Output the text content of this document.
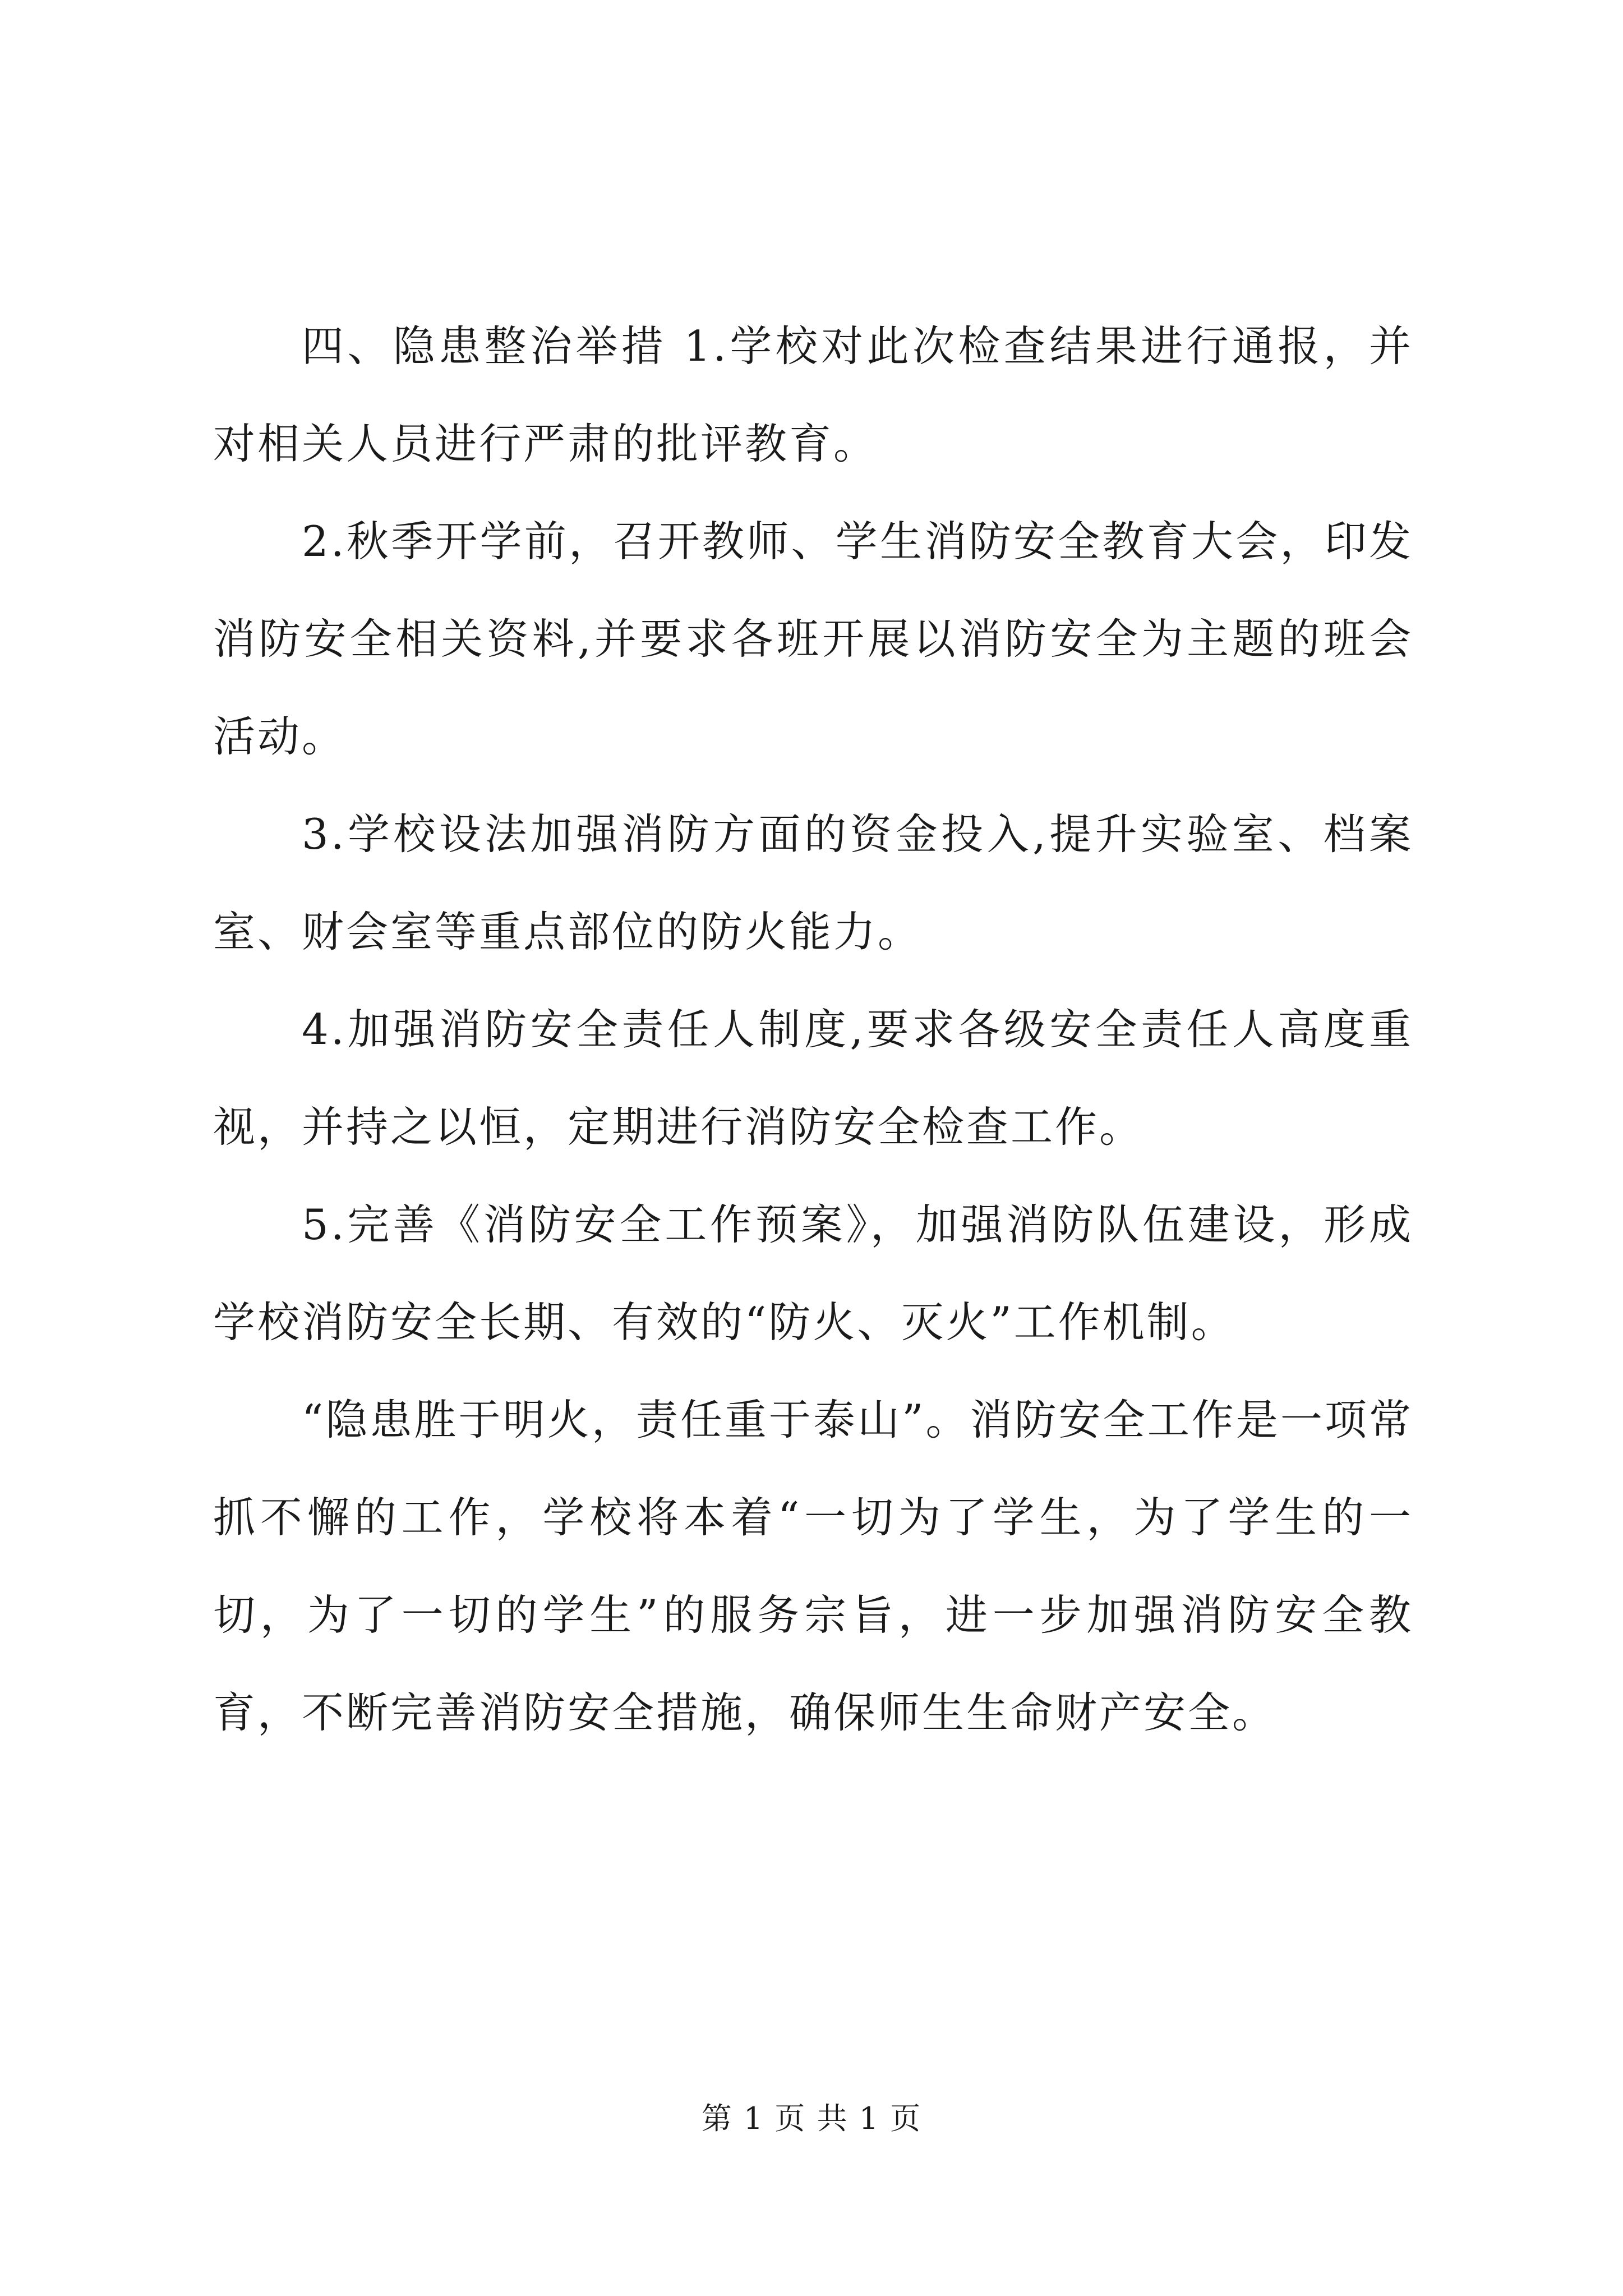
四、隐患整治举措 1.学校对此次检查结果进行通报，并对相关人员进行严肃的批评教育。

2.秋季开学前，召开教师、学生消防安全教育大会，印发消防安全相关资料,并要求各班开展以消防安全为主题的班会活动。

3.学校设法加强消防方面的资金投入,提升实验室、档案室、财会室等重点部位的防火能力。

4.加强消防安全责任人制度,要求各级安全责任人高度重视，并持之以恒，定期进行消防安全检查工作。

5.完善《消防安全工作预案》，加强消防队伍建设，形成学校消防安全长期、有效的“防火、灭火”工作机制。

“隐患胜于明火，责任重于泰山”。消防安全工作是一项常抓不懈的工作，学校将本着“一切为了学生，为了学生的一切，为了一切的学生”的服务宗旨，进一步加强消防安全教育，不断完善消防安全措施，确保师生生命财产安全。

第 1 页 共 1 页
